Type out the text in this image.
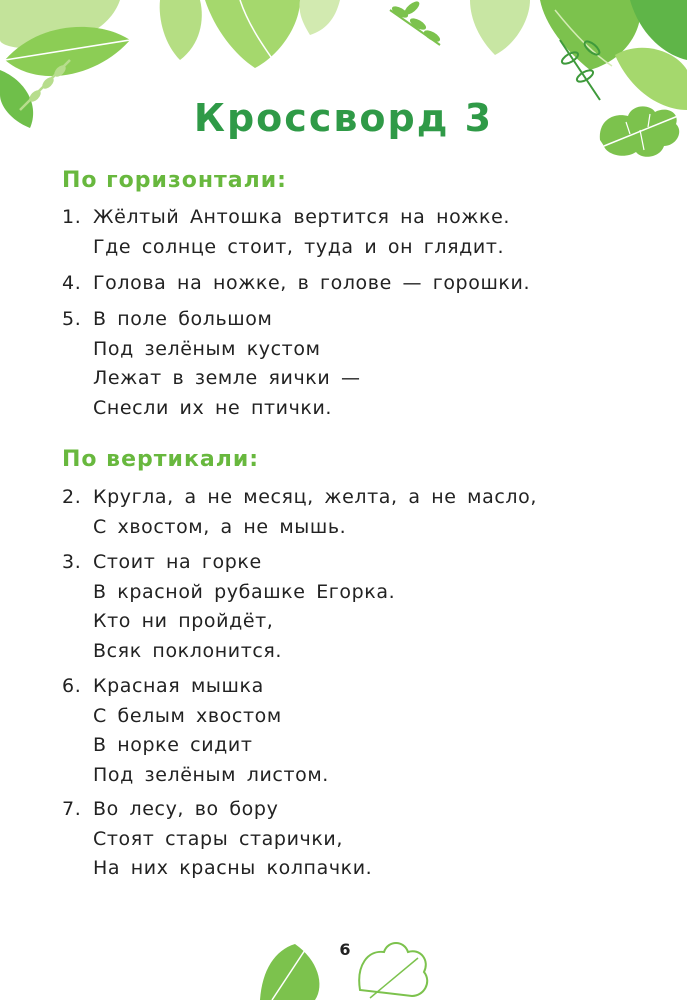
Кроссворд 3
По горизонтали:
1. Жёлтый Антошка вертится на ножке.
Где солнце стоит, туда и он глядит.
4. Голова на ножке, в голове — горошки.
5. В поле большом
Под зелёным кустом
Лежат в земле яички —
Снесли их не птички.
По вертикали:
2. Кругла, а не месяц, желта, а не масло,
С хвостом, а не мышь.
3. Стоит на горке
В красной рубашке Егорка.
Кто ни пройдёт,
Всяк поклонится.
6. Красная мышка
С белым хвостом
В норке сидит
Под зелёным листом.
7. Во лесу, во бору
Стоят стары старички,
На них красны колпачки.
6
